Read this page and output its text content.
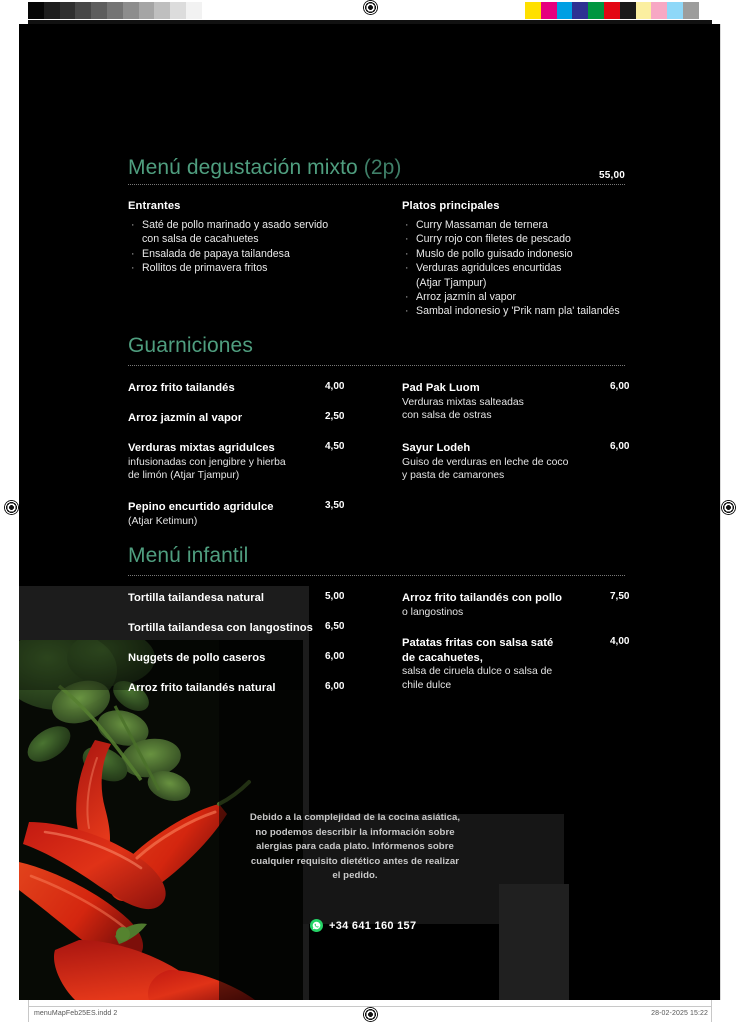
Menú degustación mixto (2p)	55,00
Entrantes
· Saté de pollo marinado y asado servido
con salsa de cacahuetes
· Ensalada de papaya tailandesa
· Rollitos de primavera fritos
Platos principales
· Curry Massaman de ternera
· Curry rojo con filetes de pescado
· Muslo de pollo guisado indonesio
· Verduras agridulces encurtidas
(Atjar Tjampur)
· Arroz jazmín al vapor
· Sambal indonesio y 'Prik nam pla' tailandés
Guarniciones
Arroz frito tailandés	4,00
Arroz jazmín al vapor	2,50
Verduras mixtas agridulces
infusionadas con jengibre y hierba
de limón (Atjar Tjampur)
4,50
Pepino encurtido agridulce
(Atjar Ketimun)
3,50
Pad Pak Luom
Verduras mixtas salteadas
con salsa de ostras
6,00
Sayur Lodeh
Guiso de verduras en leche de coco
y pasta de camarones
6,00
Menú infantil
Tortilla tailandesa natural	5,00
Tortilla tailandesa con langostinos 6,50
Nuggets de pollo caseros	6,00
Arroz frito tailandés natural	6,00
Arroz frito tailandés con pollo
o langostinos
7,50
Patatas fritas con salsa saté
de cacahuetes,
salsa de ciruela dulce o salsa de
chile dulce
4,00
Debido a la complejidad de la cocina asiática,
no podemos describir la información sobre
alergias para cada plato. Infórmenos sobre
cualquier requisito dietético antes de realizar
el pedido.
+34 641 160 157
menuMapFeb25ES.indd 2	28-02-2025 15:22
